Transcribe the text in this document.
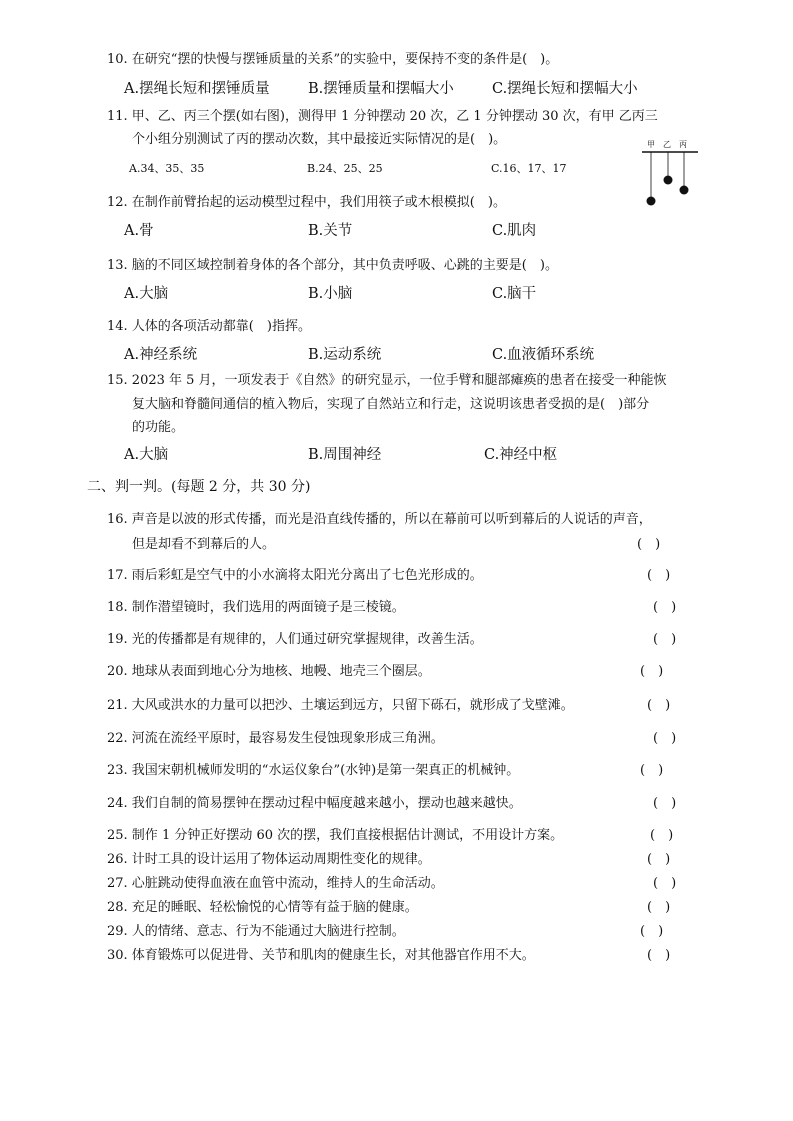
10. 在研究“摆的快慢与摆锤质量的关系”的实验中，要保持不变的条件是(　)。
A.摆绳长短和摆锤质量	B.摆锤质量和摆幅大小	C.摆绳长短和摆幅大小
11. 甲、乙、丙三个摆(如右图)，测得甲 1 分钟摆动 20 次，乙 1 分钟摆动 30 次，有甲 乙丙三
个小组分别测试了丙的摆动次数，其中最接近实际情况的是(　)。
A.34、35、35	B.24、25、25	C.16、17、17
甲 乙 丙
12. 在制作前臂抬起的运动模型过程中，我们用筷子或木根模拟(　)。
A.骨	B.关节	C.肌肉
13. 脑的不同区域控制着身体的各个部分，其中负责呼吸、心跳的主要是(　)。
A.大脑	B.小脑	C.脑干
14. 人体的各项活动都靠(　)指挥。
A.神经系统	B.运动系统	C.血液循环系统
15. 2023 年 5 月，一项发表于《自然》的研究显示，一位手臂和腿部瘫痪的患者在接受一种能恢
复大脑和脊髓间通信的植入物后，实现了自然站立和行走，这说明该患者受损的是(　)部分
的功能。
A.大脑	B.周围神经	C.神经中枢
二、判一判。(每题 2 分，共 30 分)
16. 声音是以波的形式传播，而光是沿直线传播的，所以在幕前可以听到幕后的人说话的声音，
但是却看不到幕后的人。	(　)
17. 雨后彩虹是空气中的小水滴将太阳光分离出了七色光形成的。	(　)
18. 制作潜望镜时，我们选用的两面镜子是三棱镜。	(　)
19. 光的传播都是有规律的，人们通过研究掌握规律，改善生活。	(　)
20. 地球从表面到地心分为地核、地幔、地壳三个圈层。	(　)
21. 大风或洪水的力量可以把沙、土壤运到远方，只留下砾石，就形成了戈壁滩。	(　)
22. 河流在流经平原时，最容易发生侵蚀现象形成三角洲。	(　)
23. 我国宋朝机械师发明的“水运仪象台”(水钟)是第一架真正的机械钟。	(　)
24. 我们自制的简易摆钟在摆动过程中幅度越来越小，摆动也越来越快。	(　)
25. 制作 1 分钟正好摆动 60 次的摆，我们直接根据估计测试，不用设计方案。	(　)
26. 计时工具的设计运用了物体运动周期性变化的规律。	(　)
27. 心脏跳动使得血液在血管中流动，维持人的生命活动。	(　)
28. 充足的睡眠、轻松愉悦的心情等有益于脑的健康。	(　)
29. 人的情绪、意志、行为不能通过大脑进行控制。	(　)
30. 体育锻炼可以促进骨、关节和肌肉的健康生长，对其他器官作用不大。	(　)
